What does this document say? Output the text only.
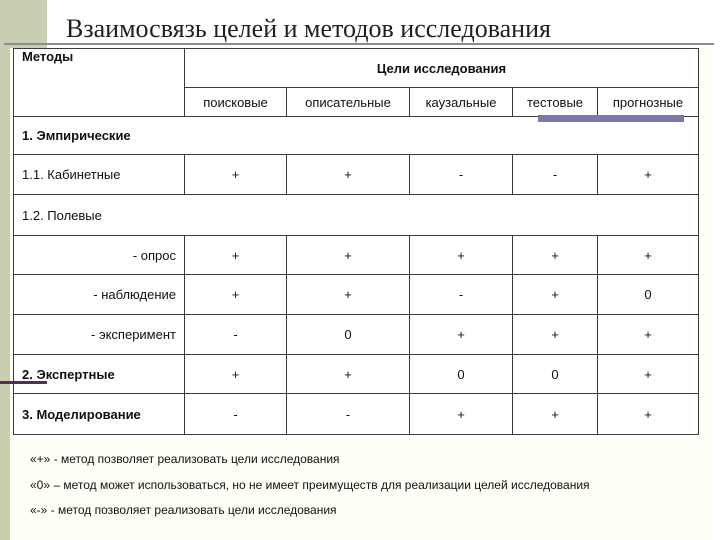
Взаимосвязь целей и методов исследования
Методы	Цели исследования				
	поисковые	описательные	каузальные	тестовые	прогнозные
1. Эмпирические					
1.1. Кабинетные	+	+	-	-	+
1.2. Полевые					
- опрос	+	+	+	+	+
- наблюдение	+	+	-	+	0
- эксперимент	-	0	+	+	+
2. Экспертные	+	+	0	0	+
3. Моделирование	-	-	+	+	+
«+» - метод позволяет реализовать цели исследования
«0» – метод может использоваться, но не имеет преимуществ для реализации целей исследования
«-» - метод позволяет реализовать цели исследования
